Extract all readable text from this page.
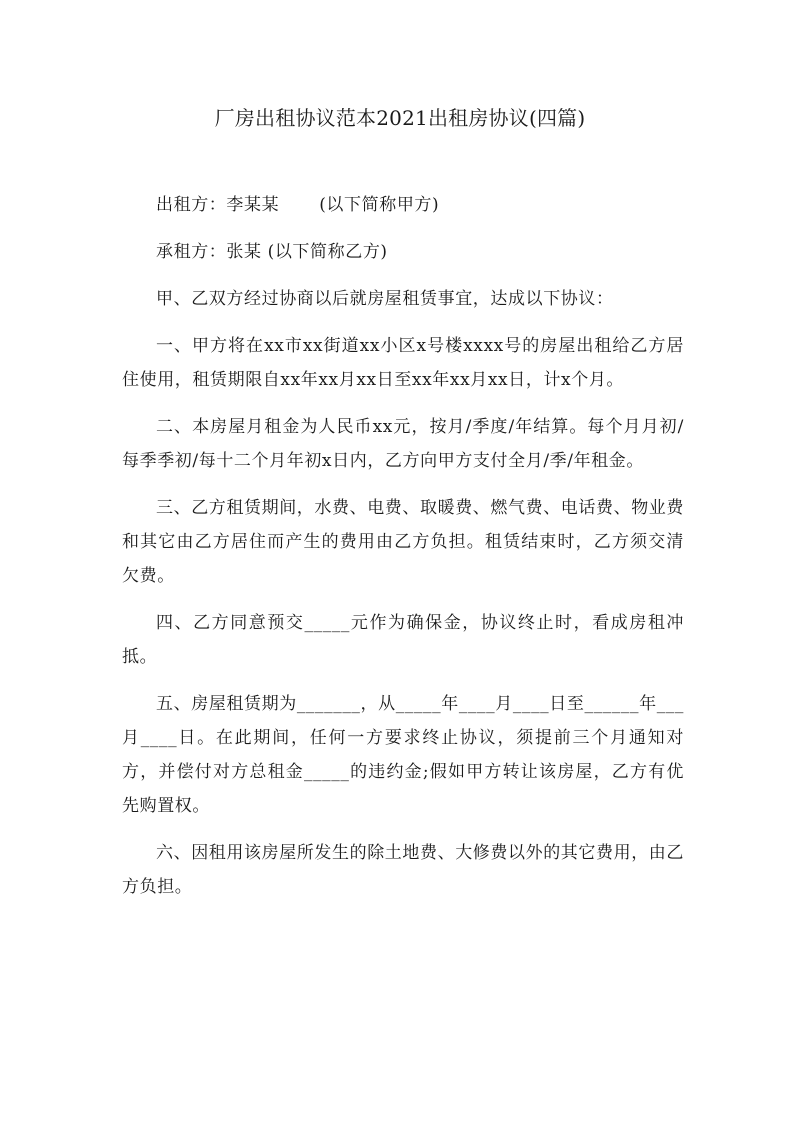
厂房出租协议范本2021出租房协议(四篇)

出租方：李某某 (以下简称甲方)

承租方：张某 (以下简称乙方)

甲、乙双方经过协商以后就房屋租赁事宜，达成以下协议：

一、甲方将在xx市xx街道xx小区x号楼xxxx号的房屋出租给乙方居住使用，租赁期限自xx年xx月xx日至xx年xx月xx日，计x个月。

二、本房屋月租金为人民币xx元，按月/季度/年结算。每个月月初/每季季初/每十二个月年初x日内，乙方向甲方支付全月/季/年租金。

三、乙方租赁期间，水费、电费、取暖费、燃气费、电话费、物业费和其它由乙方居住而产生的费用由乙方负担。租赁结束时，乙方须交清欠费。

四、乙方同意预交_____元作为确保金，协议终止时，看成房租冲抵。

五、房屋租赁期为_______，从_____年____月____日至______年___月____日。在此期间，任何一方要求终止协议，须提前三个月通知对方，并偿付对方总租金_____的违约金;假如甲方转让该房屋，乙方有优先购置权。

六、因租用该房屋所发生的除土地费、大修费以外的其它费用，由乙方负担。
